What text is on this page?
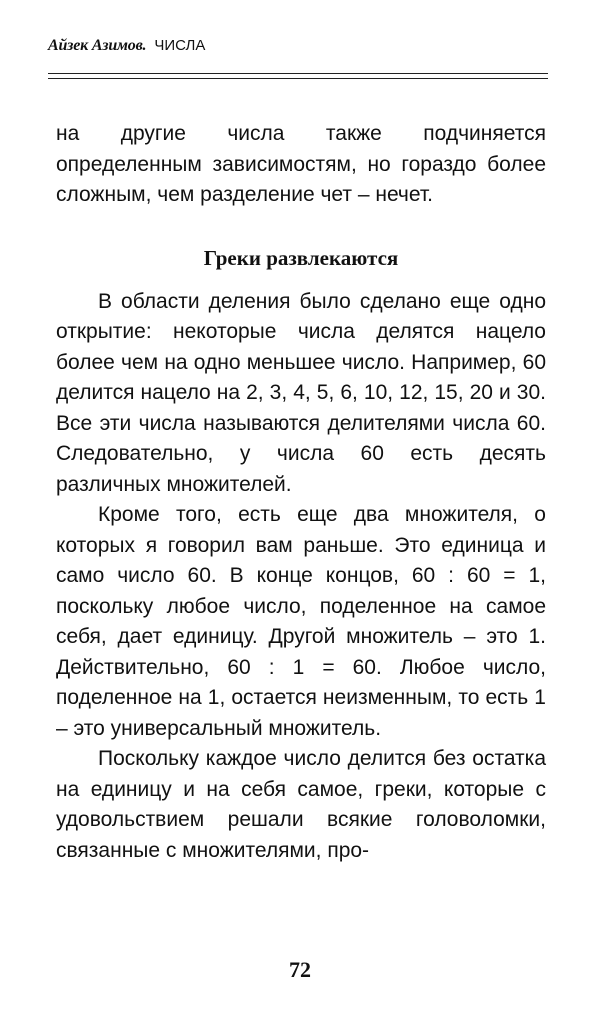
Айзек Азимов. ЧИСЛА

на другие числа также подчиняется определенным зависимостям, но гораздо более сложным, чем разделение чет – нечет.

Греки развлекаются

В области деления было сделано еще одно открытие: некоторые числа делятся нацело более чем на одно меньшее число. Например, 60 делится нацело на 2, 3, 4, 5, 6, 10, 12, 15, 20 и 30. Все эти числа называются делителями числа 60. Следовательно, у числа 60 есть десять различных множителей.

Кроме того, есть еще два множителя, о которых я говорил вам раньше. Это единица и само число 60. В конце концов, 60 : 60 = 1, поскольку любое число, поделенное на самое себя, дает единицу. Другой множитель – это 1. Действительно, 60 : 1 = 60. Любое число, поделенное на 1, остается неизменным, то есть 1 – это универсальный множитель.

Поскольку каждое число делится без остатка на единицу и на себя самое, греки, которые с удовольствием решали всякие головоломки, связанные с множителями, про-

72
